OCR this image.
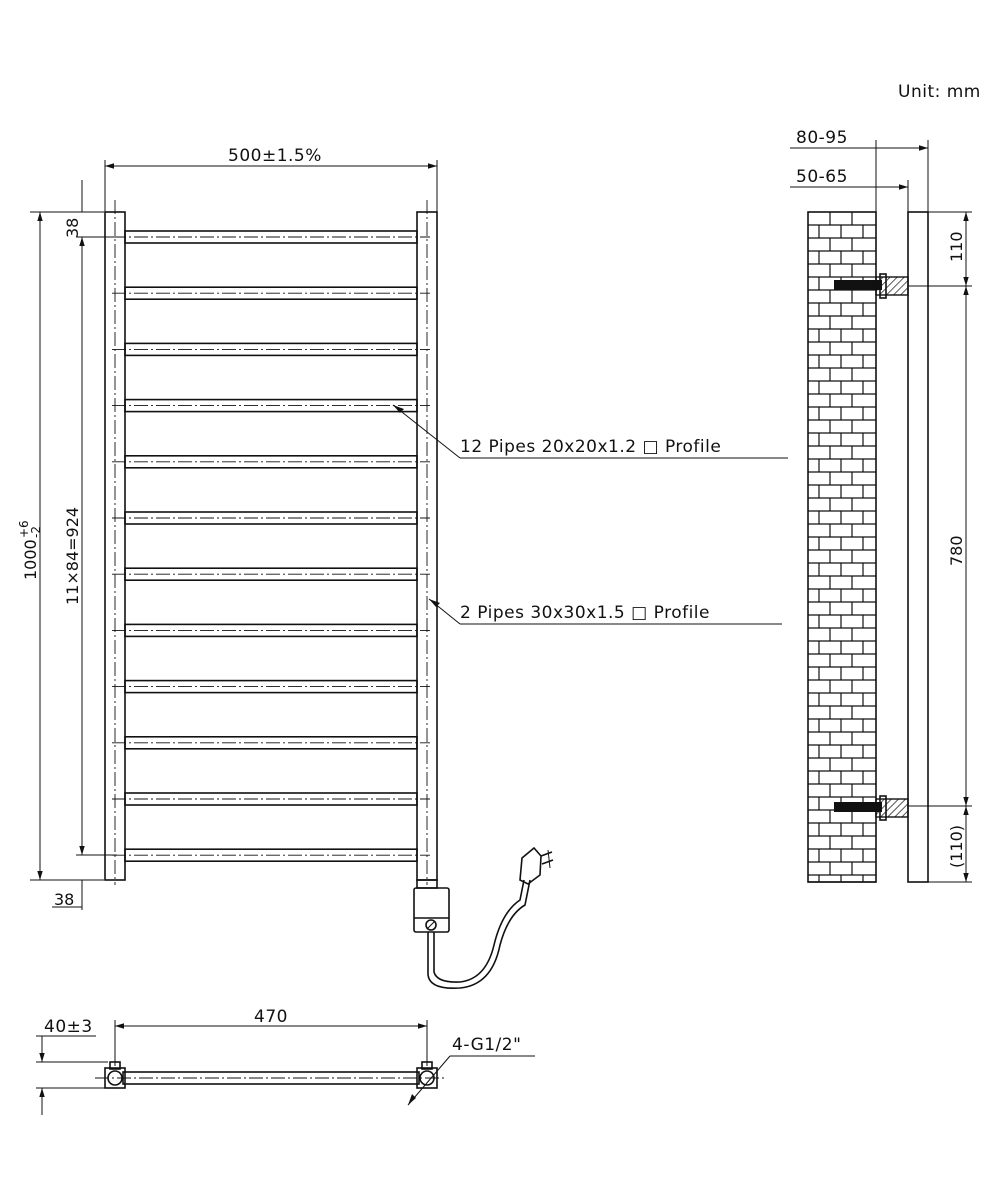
Unit: mm
500±1.5%
1000
+6
-2 11×84=924
38
38
12 Pipes 20x20x1.2 □ Profile
2 Pipes 30x30x1.5 □ Profile
80-95
50-65
110
780
(110)
470
40±3
4-G1/2"
